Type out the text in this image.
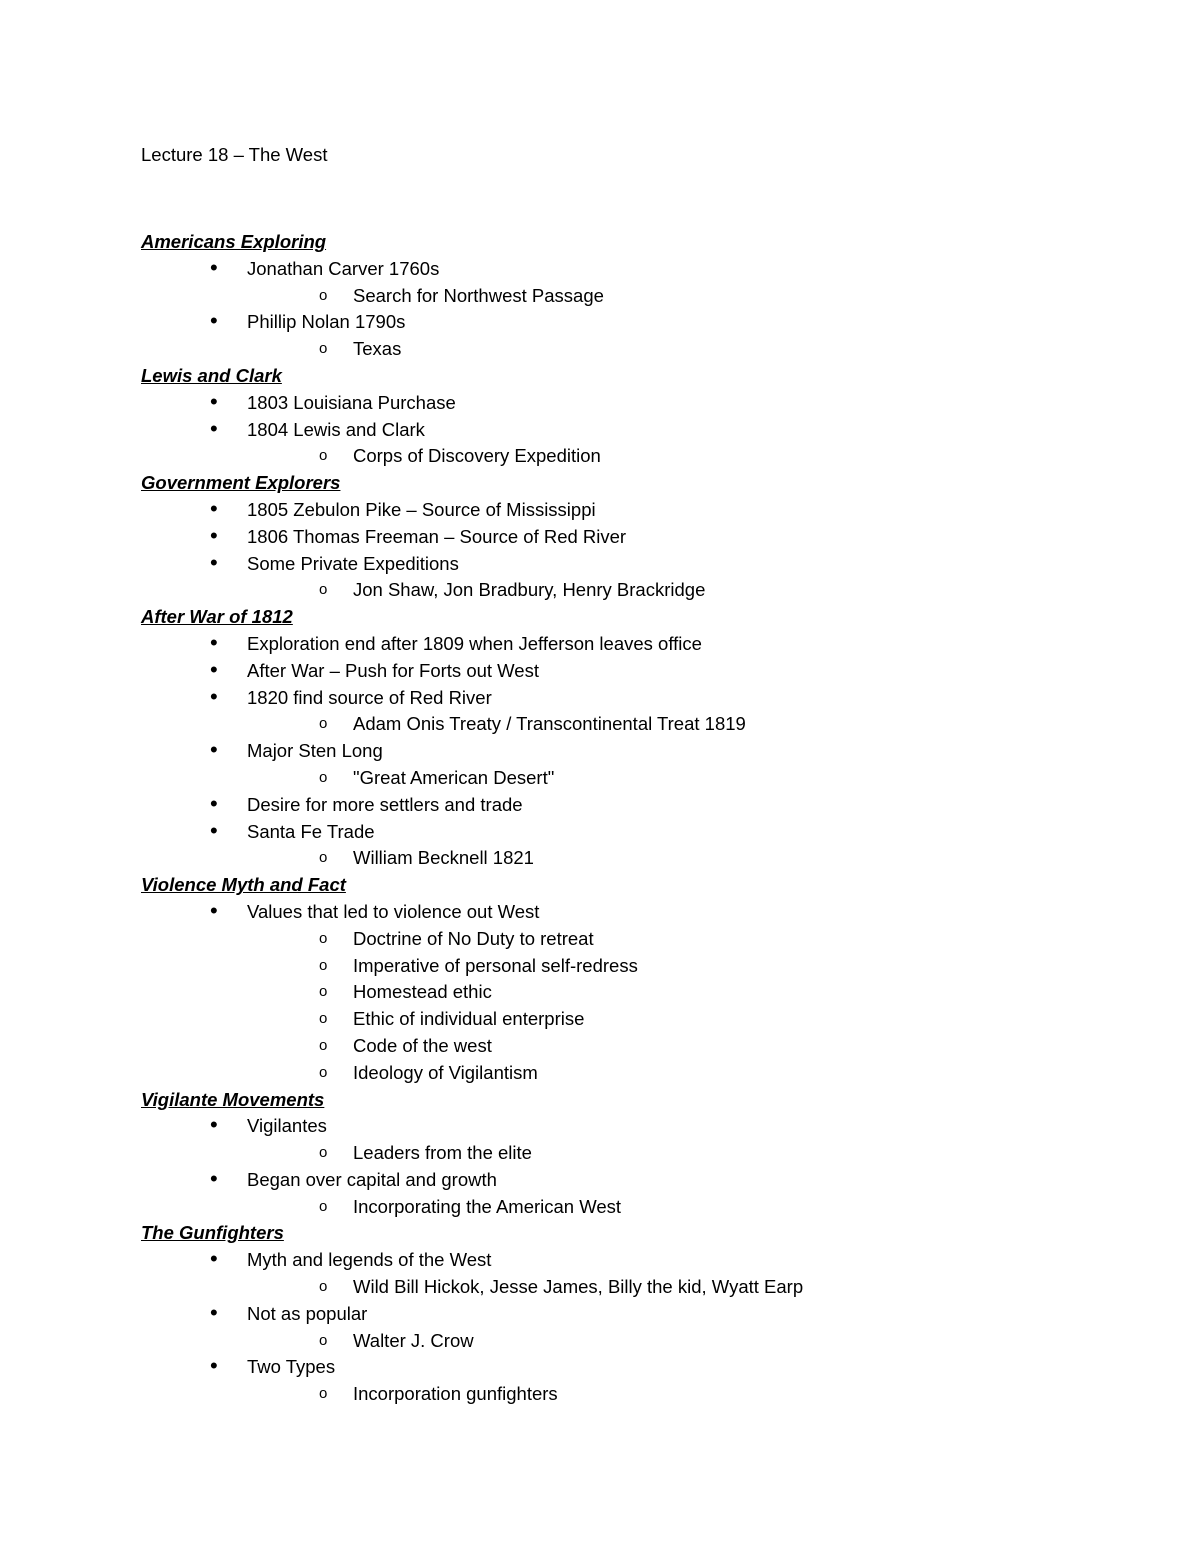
Lecture 18 – The West
Americans Exploring
• Jonathan Carver 1760s
o Search for Northwest Passage
• Phillip Nolan 1790s
o Texas
Lewis and Clark
• 1803 Louisiana Purchase
• 1804 Lewis and Clark
o Corps of Discovery Expedition
Government Explorers
• 1805 Zebulon Pike – Source of Mississippi
• 1806 Thomas Freeman – Source of Red River
• Some Private Expeditions
o Jon Shaw, Jon Bradbury, Henry Brackridge
After War of 1812
• Exploration end after 1809 when Jefferson leaves office
• After War – Push for Forts out West
• 1820 find source of Red River
o Adam Onis Treaty / Transcontinental Treat 1819
• Major Sten Long
o "Great American Desert"
• Desire for more settlers and trade
• Santa Fe Trade
o William Becknell 1821
Violence Myth and Fact
• Values that led to violence out West
o Doctrine of No Duty to retreat
o Imperative of personal self-redress
o Homestead ethic
o Ethic of individual enterprise
o Code of the west
o Ideology of Vigilantism
Vigilante Movements
• Vigilantes
o Leaders from the elite
• Began over capital and growth
o Incorporating the American West
The Gunfighters
• Myth and legends of the West
o Wild Bill Hickok, Jesse James, Billy the kid, Wyatt Earp
• Not as popular
o Walter J. Crow
• Two Types
o Incorporation gunfighters
